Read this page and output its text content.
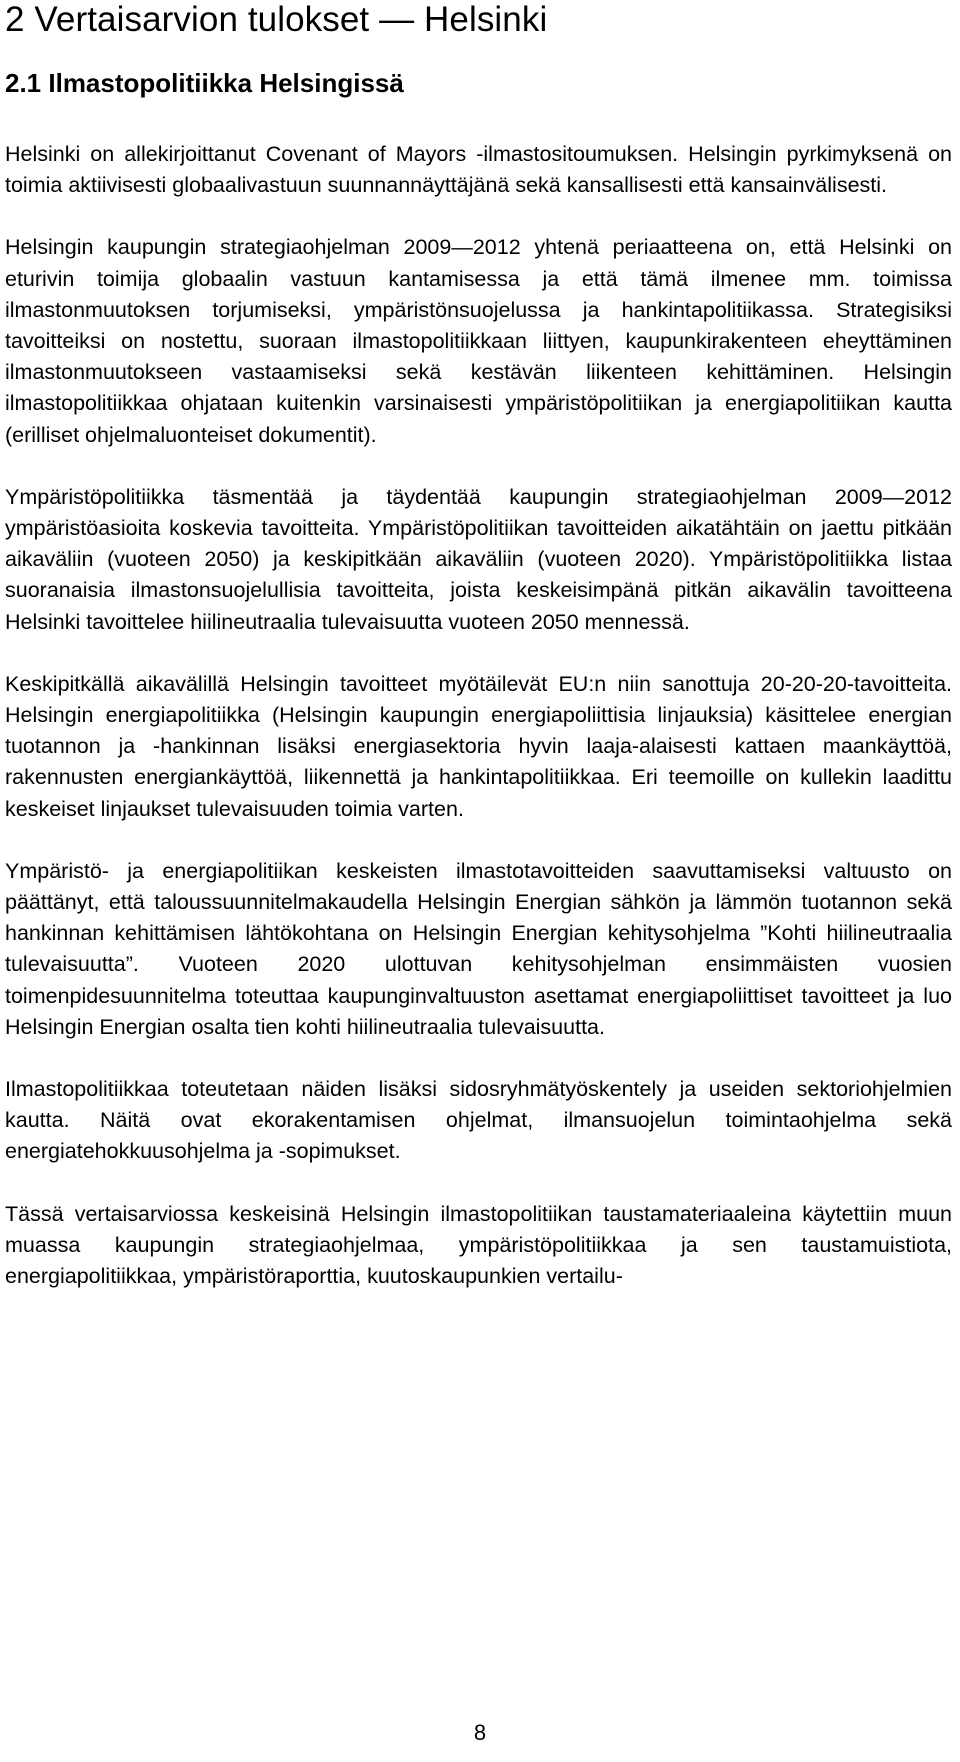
2 Vertaisarvion tulokset — Helsinki
2.1 Ilmastopolitiikka Helsingissä

Helsinki on allekirjoittanut Covenant of Mayors -ilmastositoumuksen. Helsingin pyrkimyksenä on toimia aktiivisesti globaalivastuun suunnannäyttäjänä sekä kansallisesti että kansainvälisesti.

Helsingin kaupungin strategiaohjelman 2009—2012 yhtenä periaatteena on, että Helsinki on eturivin toimija globaalin vastuun kantamisessa ja että tämä ilmenee mm. toimissa ilmastonmuutoksen torjumiseksi, ympäristönsuojelussa ja hankintapolitiikassa. Strategisiksi tavoitteiksi on nostettu, suoraan ilmastopolitiikkaan liittyen, kaupunkirakenteen eheyttäminen ilmastonmuutokseen vastaamiseksi sekä kestävän liikenteen kehittäminen. Helsingin ilmastopolitiikkaa ohjataan kuitenkin varsinaisesti ympäristöpolitiikan ja energiapolitiikan kautta (erilliset ohjelmaluonteiset dokumentit).

Ympäristöpolitiikka täsmentää ja täydentää kaupungin strategiaohjelman 2009—2012 ympäristöasioita koskevia tavoitteita. Ympäristöpolitiikan tavoitteiden aikatähtäin on jaettu pitkään aikaväliin (vuoteen 2050) ja keskipitkään aikaväliin (vuoteen 2020). Ympäristöpolitiikka listaa suoranaisia ilmastonsuojelullisia tavoitteita, joista keskeisimpänä pitkän aikavälin tavoitteena Helsinki tavoittelee hiilineutraalia tulevaisuutta vuoteen 2050 mennessä.

Keskipitkällä aikavälillä Helsingin tavoitteet myötäilevät EU:n niin sanottuja 20-20-20-tavoitteita. Helsingin energiapolitiikka (Helsingin kaupungin energiapoliittisia linjauksia) käsittelee energian tuotannon ja -hankinnan lisäksi energiasektoria hyvin laaja-alaisesti kattaen maankäyttöä, rakennusten energiankäyttöä, liikennettä ja hankintapolitiikkaa. Eri teemoille on kullekin laadittu keskeiset linjaukset tulevaisuuden toimia varten.

Ympäristö- ja energiapolitiikan keskeisten ilmastotavoitteiden saavuttamiseksi valtuusto on päättänyt, että taloussuunnitelmakaudella Helsingin Energian sähkön ja lämmön tuotannon sekä hankinnan kehittämisen lähtökohtana on Helsingin Energian kehitysohjelma ”Kohti hiilineutraalia tulevaisuutta”. Vuoteen 2020 ulottuvan kehitysohjelman ensimmäisten vuosien toimenpidesuunnitelma toteuttaa kaupunginvaltuuston asettamat energiapoliittiset tavoitteet ja luo Helsingin Energian osalta tien kohti hiilineutraalia tulevaisuutta.

Ilmastopolitiikkaa toteutetaan näiden lisäksi sidosryhmätyöskentely ja useiden sektoriohjelmien kautta. Näitä ovat ekorakentamisen ohjelmat, ilmansuojelun toimintaohjelma sekä energiatehokkuusohjelma ja -sopimukset.

Tässä vertaisarviossa keskeisinä Helsingin ilmastopolitiikan taustamateriaaleina käytettiin muun muassa kaupungin strategiaohjelmaa, ympäristöpolitiikkaa ja sen taustamuistiota, energiapolitiikkaa, ympäristöraporttia, kuutoskaupunkien vertailu-

8
